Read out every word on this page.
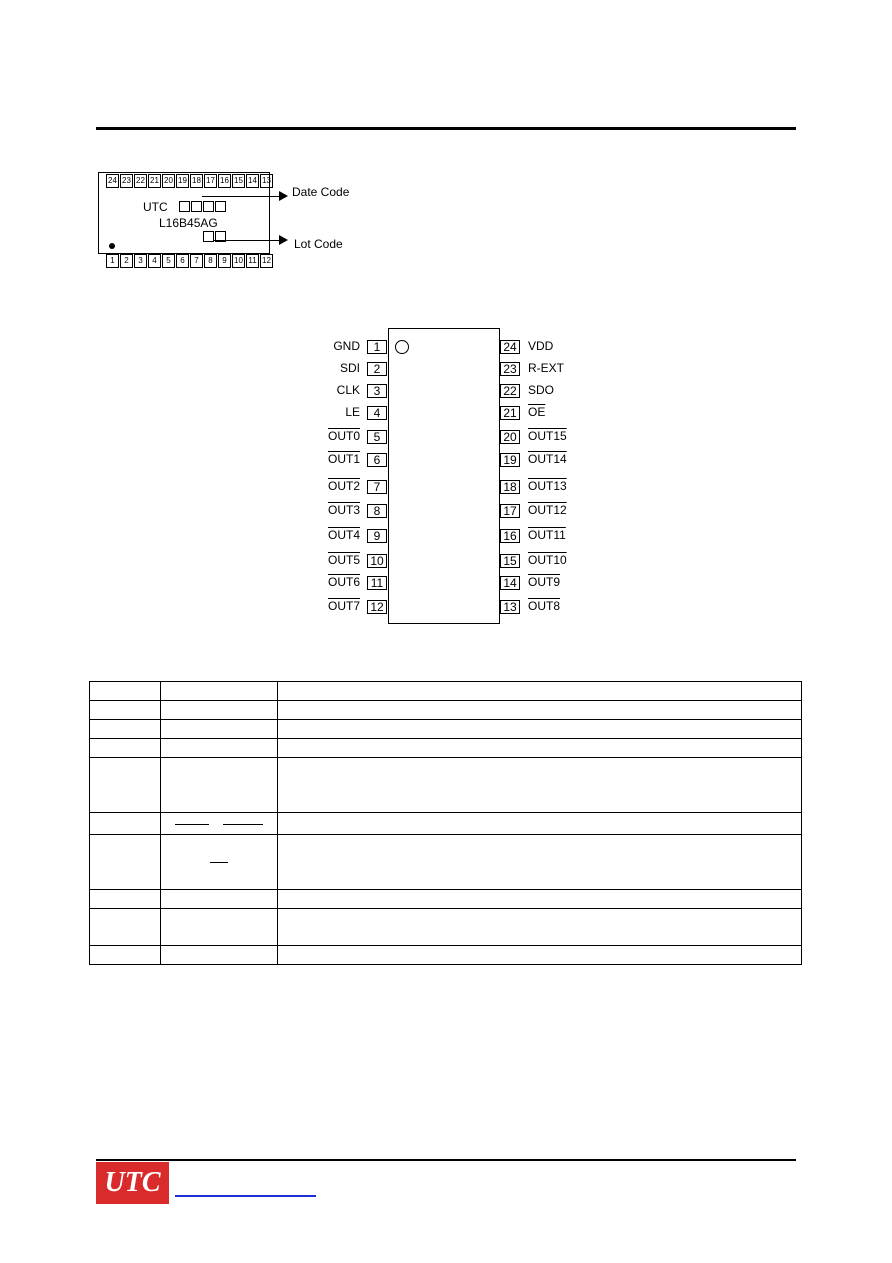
24 23 22 21 20 19 18 17 16 15 14 13
UTC
L16B45AG
1	2	3	4	5	6	7	8	9 10 11 12
Date Code
Lot Code
1
GND
2
SDI
3
CLK
4
LE
5
OUT0
6
OUT1
7
OUT2
8
OUT3
9
OUT4
10
OUT5
11
OUT6
12
OUT7
24 VDD
23 R-EXT
22 SDO
21 $\overline{OE}$
20 OUT15
19 OUT14
18 OUT13
17 OUT12
16 OUT11
15 OUT10
14 OUT9
13 OUT8

UTC
